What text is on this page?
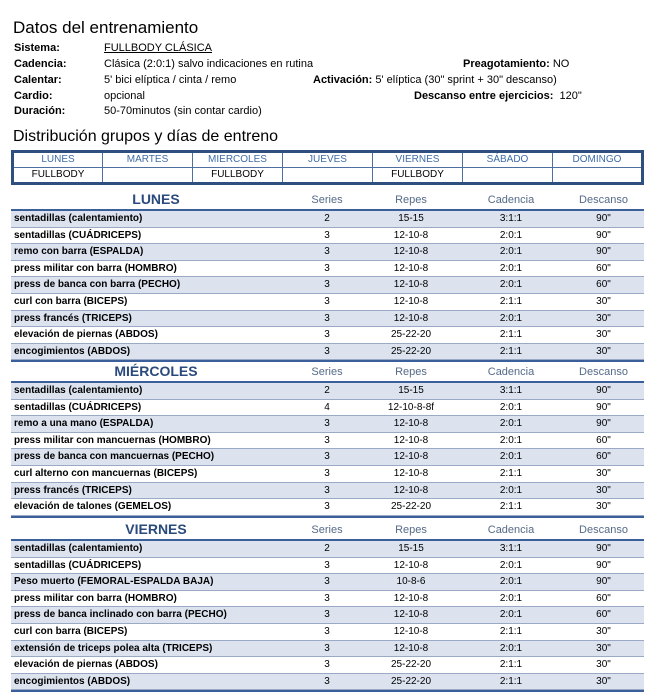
Datos del entrenamiento
Sistema:	FULLBODY CLÁSICA
Cadencia:	Clásica (2:0:1) salvo indicaciones en rutina
Calentar:	5' bici elíptica / cinta / remo
Cardio:	opcional
Duración:	50-70minutos (sin contar cardio)
Preagotamiento: NO
Activación: 5' elíptica (30" sprint + 30" descanso)
Descanso entre ejercicios: 120"
Distribución grupos y días de entreno
LUNES	MARTES	MIERCOLES	JUEVES	VIERNES	SÁBADO	DOMINGO
FULLBODY		FULLBODY		FULLBODY		
LUNES	Series	Repes	Cadencia	Descanso
sentadillas (calentamiento)	2	15-15	3:1:1	90"
sentadillas (CUÁDRICEPS)	3	12-10-8	2:0:1	90"
remo con barra (ESPALDA)	3	12-10-8	2:0:1	90"
press militar con barra (HOMBRO)	3	12-10-8	2:0:1	60"
press de banca con barra (PECHO)	3	12-10-8	2:0:1	60"
curl con barra (BICEPS)	3	12-10-8	2:1:1	30"
press francés (TRICEPS)	3	12-10-8	2:0:1	30"
elevación de piernas (ABDOS)	3	25-22-20	2:1:1	30"
encogimientos (ABDOS)	3	25-22-20	2:1:1	30"
MIÉRCOLES	Series	Repes	Cadencia	Descanso
sentadillas (calentamiento)	2	15-15	3:1:1	90"
sentadillas (CUÁDRICEPS)	4	12-10-8-8f	2:0:1	90"
remo a una mano (ESPALDA)	3	12-10-8	2:0:1	90"
press militar con mancuernas (HOMBRO)	3	12-10-8	2:0:1	60"
press de banca con mancuernas (PECHO)	3	12-10-8	2:0:1	60"
curl alterno con mancuernas (BICEPS)	3	12-10-8	2:1:1	30"
press francés (TRICEPS)	3	12-10-8	2:0:1	30"
elevación de talones (GEMELOS)	3	25-22-20	2:1:1	30"
VIERNES	Series	Repes	Cadencia	Descanso
sentadillas (calentamiento)	2	15-15	3:1:1	90"
sentadillas (CUÁDRICEPS)	3	12-10-8	2:0:1	90"
Peso muerto (FEMORAL-ESPALDA BAJA)	3	10-8-6	2:0:1	90"
press militar con barra (HOMBRO)	3	12-10-8	2:0:1	60"
press de banca inclinado con barra (PECHO)	3	12-10-8	2:0:1	60"
curl con barra (BICEPS)	3	12-10-8	2:1:1	30"
extensión de triceps polea alta (TRICEPS)	3	12-10-8	2:0:1	30"
elevación de piernas (ABDOS)	3	25-22-20	2:1:1	30"
encogimientos (ABDOS)	3	25-22-20	2:1:1	30"
